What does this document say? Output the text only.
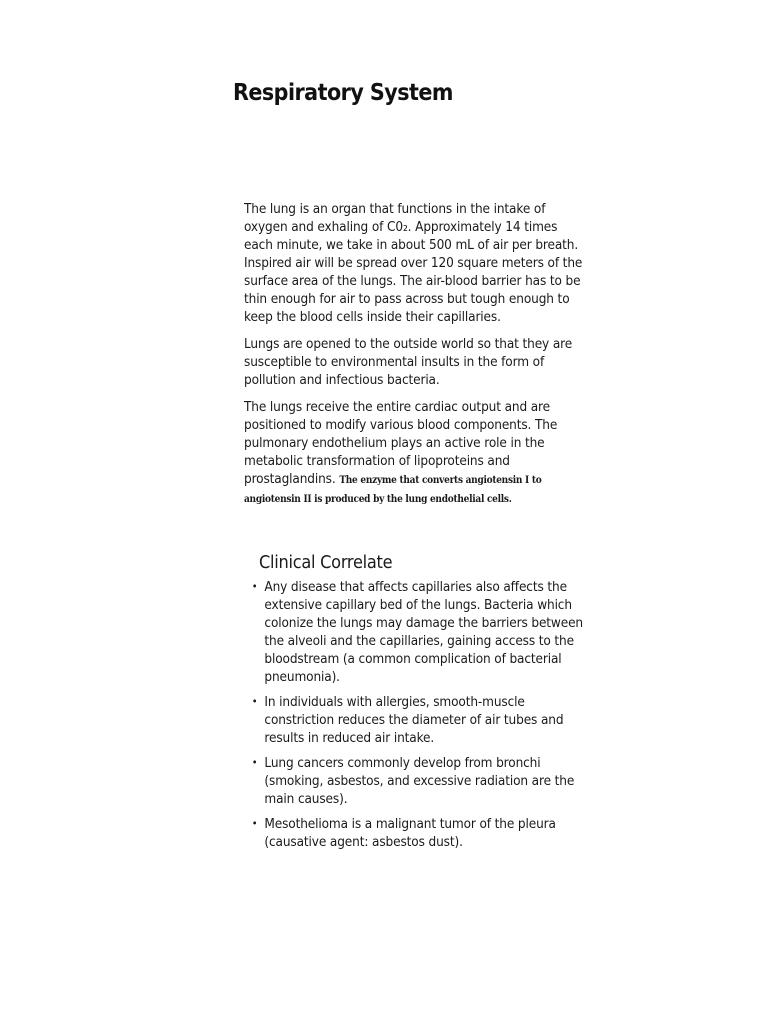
Respiratory System

The lung is an organ that functions in the intake of oxygen and exhaling of C0₂. Approximately 14 times each minute, we take in about 500 mL of air per breath. Inspired air will be spread over 120 square meters of the surface area of the lungs. The air-blood barrier has to be thin enough for air to pass across but tough enough to keep the blood cells inside their capillaries.

Lungs are opened to the outside world so that they are susceptible to environmental insults in the form of pollution and infectious bacteria.

The lungs receive the entire cardiac output and are positioned to modify various blood components. The pulmonary endothelium plays an active role in the metabolic transformation of lipoproteins and prostaglandins. The enzyme that converts angiotensin I to angiotensin II is produced by the lung endothelial cells.

Clinical Correlate
• Any disease that affects capillaries also affects the extensive capillary bed of the lungs. Bacteria which colonize the lungs may damage the barriers between the alveoli and the capillaries, gaining access to the bloodstream (a common complication of bacterial pneumonia).
• In individuals with allergies, smooth-muscle constriction reduces the diameter of air tubes and results in reduced air intake.
• Lung cancers commonly develop from bronchi (smoking, asbestos, and excessive radiation are the main causes).
• Mesothelioma is a malignant tumor of the pleura (causative agent: asbestos dust).
